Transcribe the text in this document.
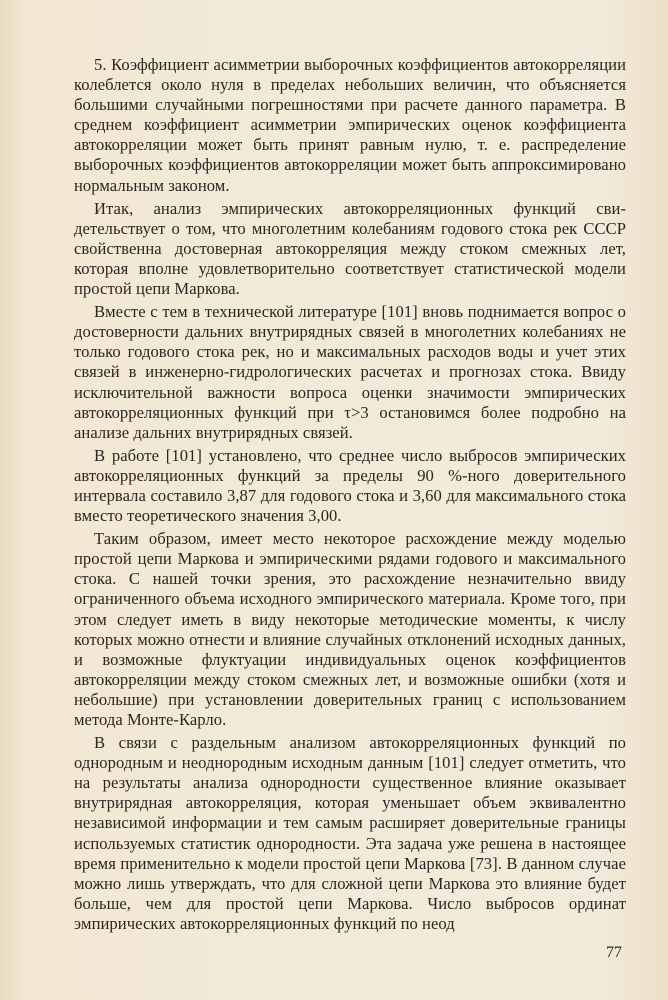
5. Коэффициент асимметрии выборочных коэффициентов автокорреляции колеблется около нуля в пределах небольших величин, что объясняется большими случайными погрешностями при расчете данного параметра. В среднем коэффициент асимметрии эмпирических оценок коэффициента автокорреляции может быть принят равным нулю, т. е. распределение выборочных коэффициентов автокорреляции может быть аппроксимировано нормальным законом.

Итак, анализ эмпирических автокорреляционных функций свидетельствует о том, что многолетним колебаниям годового стока рек СССР свойственна достоверная автокорреляция между стоком смежных лет, которая вполне удовлетворительно соответствует статистической модели простой цепи Маркова.

Вместе с тем в технической литературе [101] вновь поднимается вопрос о достоверности дальних внутрирядных связей в многолетних колебаниях не только годового стока рек, но и максимальных расходов воды и учет этих связей в инженерно-гидрологических расчетах и прогнозах стока. Ввиду исключительной важности вопроса оценки значимости эмпирических автокорреляционных функций при τ>3 остановимся более подробно на анализе дальних внутрирядных связей.

В работе [101] установлено, что среднее число выбросов эмпирических автокорреляционных функций за пределы 90 %-ного доверительного интервала составило 3,87 для годового стока и 3,60 для максимального стока вместо теоретического значения 3,00.

Таким образом, имеет место некоторое расхождение между моделью простой цепи Маркова и эмпирическими рядами годового и максимального стока. С нашей точки зрения, это расхождение незначительно ввиду ограниченного объема исходного эмпирического материала. Кроме того, при этом следует иметь в виду некоторые методические моменты, к числу которых можно отнести и влияние случайных отклонений исходных данных, и возможные флуктуации индивидуальных оценок коэффициентов автокорреляции между стоком смежных лет, и возможные ошибки (хотя и небольшие) при установлении доверительных границ с использованием метода Монте-Карло.

В связи с раздельным анализом автокорреляционных функций по однородным и неоднородным исходным данным [101] следует отметить, что на результаты анализа однородности существенное влияние оказывает внутрирядная автокорреляция, которая уменьшает объем эквивалентно независимой информации и тем самым расширяет доверительные границы используемых статистик однородности. Эта задача уже решена в настоящее время применительно к модели простой цепи Маркова [73]. В данном случае можно лишь утверждать, что для сложной цепи Маркова это влияние будет больше, чем для простой цепи Маркова. Число выбросов ординат эмпирических автокорреляционных функций по неод

77
